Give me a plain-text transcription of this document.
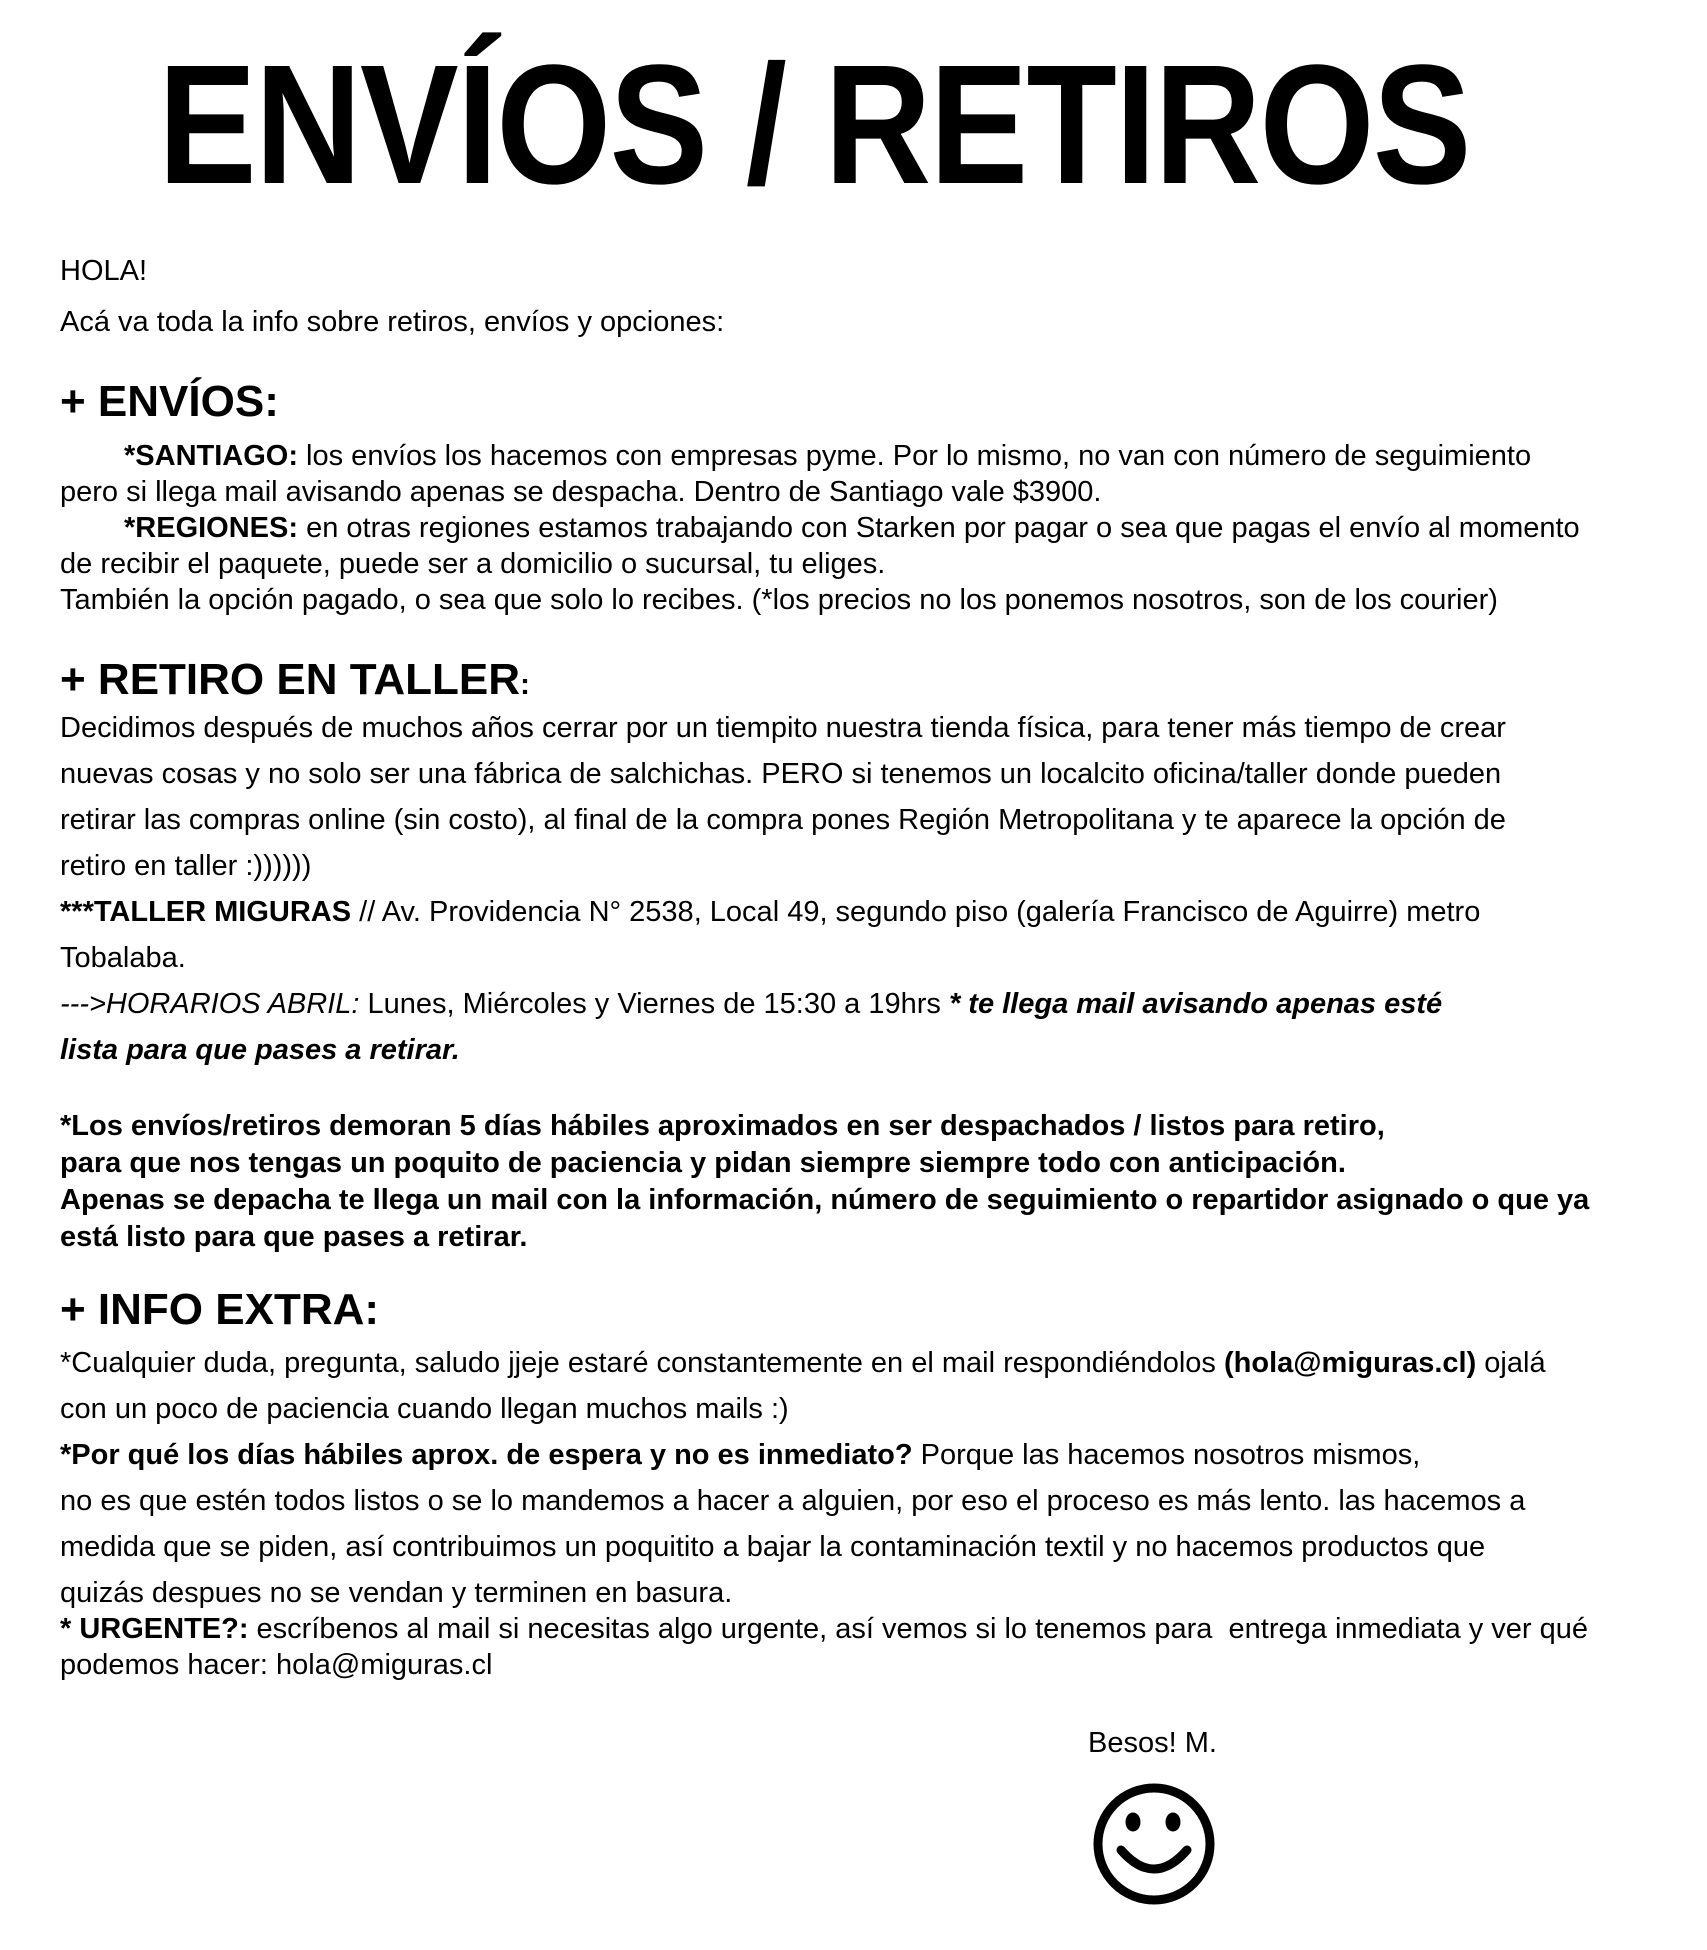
ENVÍOS / RETIROS
HOLA!
Acá va toda la info sobre retiros, envíos y opciones:
+ ENVÍOS:
*SANTIAGO: los envíos los hacemos con empresas pyme. Por lo mismo, no van con número de seguimiento
pero si llega mail avisando apenas se despacha. Dentro de Santiago vale $3900.
*REGIONES: en otras regiones estamos trabajando con Starken por pagar o sea que pagas el envío al momento
de recibir el paquete, puede ser a domicilio o sucursal, tu eliges.
También la opción pagado, o sea que solo lo recibes. (*los precios no los ponemos nosotros, son de los courier)
+ RETIRO EN TALLER:
Decidimos después de muchos años cerrar por un tiempito nuestra tienda física, para tener más tiempo de crear
nuevas cosas y no solo ser una fábrica de salchichas. PERO si tenemos un localcito oficina/taller donde pueden
retirar las compras online (sin costo), al final de la compra pones Región Metropolitana y te aparece la opción de
retiro en taller :))))))
***TALLER MIGURAS // Av. Providencia N° 2538, Local 49, segundo piso (galería Francisco de Aguirre) metro
Tobalaba.
--->HORARIOS ABRIL: Lunes, Miércoles y Viernes de 15:30 a 19hrs * te llega mail avisando apenas esté
lista para que pases a retirar.
*Los envíos/retiros demoran 5 días hábiles aproximados en ser despachados / listos para retiro,
para que nos tengas un poquito de paciencia y pidan siempre siempre todo con anticipación.
Apenas se depacha te llega un mail con la información, número de seguimiento o repartidor asignado o que ya
está listo para que pases a retirar.
+ INFO EXTRA:
*Cualquier duda, pregunta, saludo jjeje estaré constantemente en el mail respondiéndolos (hola@miguras.cl) ojalá
con un poco de paciencia cuando llegan muchos mails :)
*Por qué los días hábiles aprox. de espera y no es inmediato? Porque las hacemos nosotros mismos,
no es que estén todos listos o se lo mandemos a hacer a alguien, por eso el proceso es más lento. las hacemos a
medida que se piden, así contribuimos un poquitito a bajar la contaminación textil y no hacemos productos que
quizás despues no se vendan y terminen en basura.
* URGENTE?: escríbenos al mail si necesitas algo urgente, así vemos si lo tenemos para  entrega inmediata y ver qué
podemos hacer: hola@miguras.cl
Besos! M.
